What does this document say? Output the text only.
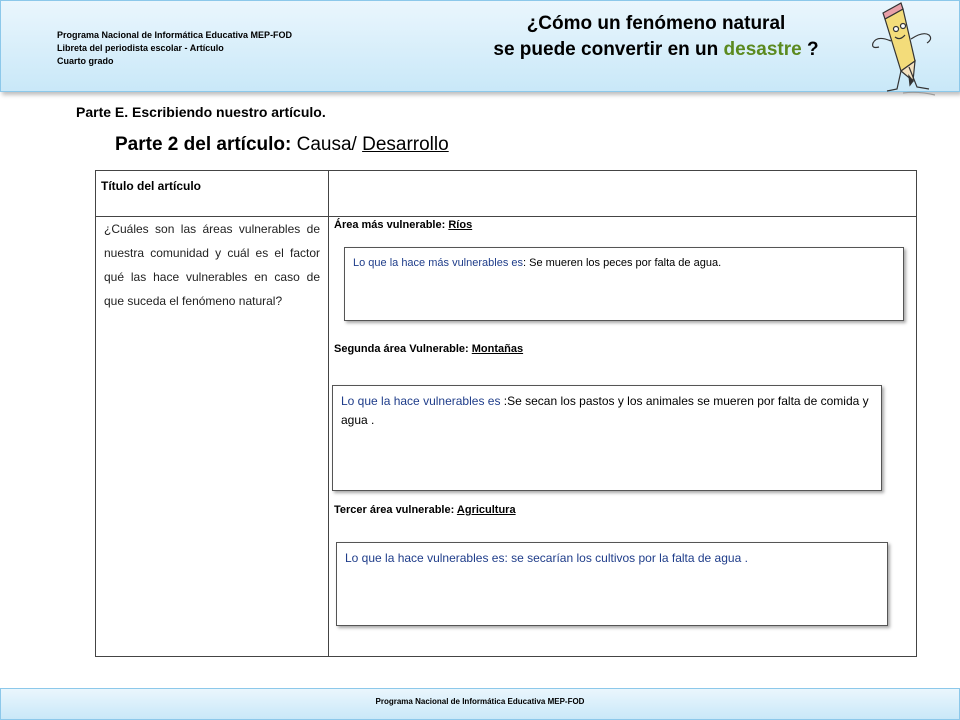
Programa Nacional de Informática Educativa MEP-FOD
Libreta del periodista escolar - Artículo
Cuarto grado
¿Cómo un fenómeno natural
se puede convertir en un desastre ?
Parte E. Escribiendo nuestro artículo.
Parte 2 del artículo: Causa/ Desarrollo
Título del artículo
¿Cuáles son las áreas vulnerables de nuestra comunidad y cuál es el factor qué las hace vulnerables en caso de que suceda el fenómeno natural?
Área más vulnerable: Ríos
Lo que la hace más vulnerables es: Se mueren los peces por falta de agua.
Segunda área Vulnerable: Montañas
Lo que la hace vulnerables es :Se secan los pastos y los animales se mueren por falta de comida y agua .
Tercer área vulnerable: Agricultura
Lo que la hace vulnerables es: se secarían los cultivos por la falta de agua .
Programa Nacional de Informática Educativa MEP-FOD
